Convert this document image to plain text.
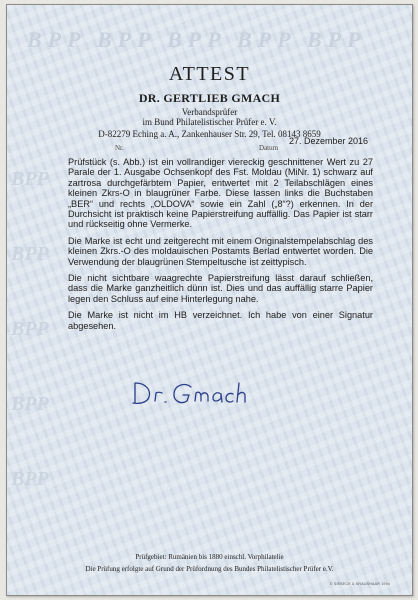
BPP BPP BPP BPP BPP
BPP
BPP
BPP
BPP
BPP
ATTEST
DR. GERTLIEB GMACH
Verbandsprüfer
im Bund Philatelistischer Prüfer e. V.
D-82279 Eching a. A., Zankenhauser Str. 29, Tel. 08143 8659
27. Dezember 2016
Nr.	Datum

Prüfstück (s. Abb.) ist ein vollrandiger viereckig geschnittener Wert zu 27 Parale der 1. Ausgabe Ochsenkopf des Fst. Moldau (MiNr. 1) schwarz auf zartrosa durchgefärbtem Papier, entwertet mit 2 Teilabschlägen eines kleinen Zkrs-O in blaugrüner Farbe. Diese lassen links die Buchstaben „BER“ und rechts „OLDOVA“ sowie ein Zahl („8“?) erkennen. In der Durchsicht ist praktisch keine Papierstreifung auffällig. Das Papier ist starr und rückseitig ohne Vermerke.

Die Marke ist echt und zeitgerecht mit einem Originalstempelabschlag des kleinen Zkrs.-O des moldauischen Postamts Berlad entwertet worden. Die Verwendung der blaugrünen Stempeltusche ist zeittypisch.

Die nicht sichtbare waagrechte Papierstreifung lässt darauf schließen, dass die Marke ganzheitlich dünn ist. Dies und das auffällig starre Papier legen den Schluss auf eine Hinterlegung nahe.

Die Marke ist nicht im HB verzeichnet. Ich habe von einer Signatur abgesehen.

Prüfgebiet: Rumänien bis 1880 einschl. Vorphilatelie
Die Prüfung erfolgte auf Grund der Prüfordnung des Bundes Philatelistischer Prüfer e.V.
© SIEBECK & KRAUSHAAR 1994
